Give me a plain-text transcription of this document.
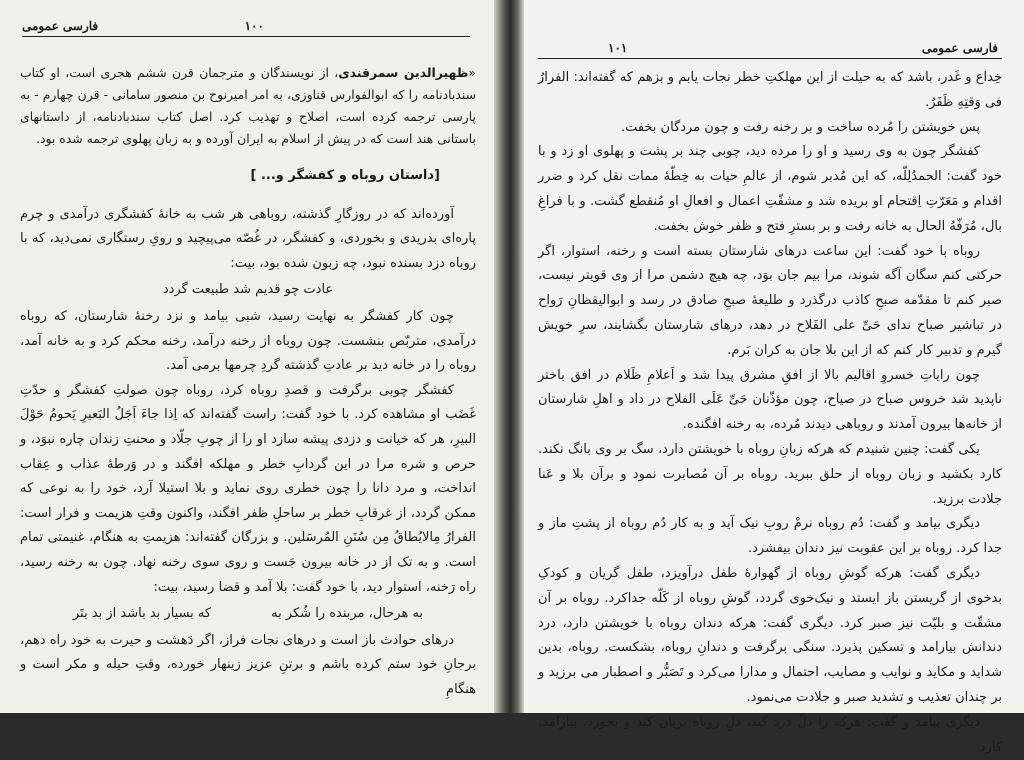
فارسی عمومی	۱۰۰

«ظهیرالدین سمرقندی، از نویسندگان و مترجمان قرن ششم هجری است، او کتاب سندبادنامه را که ابوالفوارس قناوزی، به امر امیرنوح بن منصور سامانی - قرن چهارم - به پارسی ترجمه کرده است، اصلاح و تهذیب کرد. اصل کتاب سندبادنامه، از داستانهای باستانی هند است که در پیش از اسلام به ایران آورده و به زبان پهلوی ترجمه شده بود.

[داستان روباه و کفشگر و... ]

آورده‌اند که در روزگارِ گذشته، روباهی هر شب به خانهٔ کفشگری درآمدی و چرم پاره‌ای بدریدی و بخوردی، و کفشگر، در غُصّه می‌پیچید و رویِ رستگاری نمی‌دید، که با روباه دزد بسنده نبود، چه زبون شده بود، بیت:

عادت چو قدیم شد طبیعت گردد

چون کار کفشگر به نهایت رسید، شبی بیامد و نزد رخنهٔ شارستان، که روباه درآمدی، متربّص بنشست. چون روباه از رخنه درآمد، رخنه محکم کرد و به خانه آمد، روباه را در خانه دید بر عادتِ گذشته گردِ چرمها برمی آمد.

کفشگر چوبی برگرفت و قصدِ روباه کرد، روباه چون صولتِ کفشگر و حدّتِ غَضَب او مشاهده کرد. با خود گفت: راست گفته‌اند که اِذا جاءَ اَجَلُ البَعیرِ یَحومُ حَوْلَ البیرِ، هر که خیانت و دزدی پیشه سازد او را از چوبِ جلّاد و محنتِ زندان چاره نبوَد، و حرص و شره مرا در این گردابِ خطر و مهلکه افگند و در وَرطهٔ عذاب و عِقاب انداخت، و مرد دانا را چون خطری روی نماید و بلا استیلا آرد، خود را به نوعی که ممکن گردد، از غرقابِ خطر بر ساحلِ ظفر افگند، واکنون وقتِ هزیمت و فرار است: الفرارُ مِالایُطاقُ مِن سُنَنِ المُرسَلین. و بزرگان گفته‌اند: هزیمتِ به هنگام، غنیمتی تمام است. و به تک از در خانه بیرون جَست و روی سوی رخنه نهاد. چون به رخنه رسید، راه رَخنه، استوار دید، با خود گفت: بلا آمد و قضا رسید، بیت:

به هرحال، مربنده را شُکر به
که بسیار بد باشد از بد بتَر

درهای حوادث باز است و درهای نجات فراز، اگر دَهشت و حیرت به خود راه دهم، برجانِ خود ستم کرده باشم و برتنِ عزیز زینهار خورده، وقتِ حیله و مکر است و هنگامِ

۱۰۱	فارسی عمومی

خِداع و غَدر، باشد که به حیلت از این مهلکتِ خطر نجات یابم و بزهم که گفته‌اند: الفرارُ فی وَقتِهِ ظَفَرٌ.

پس خویشتن را مُرده ساخت و بر رخنه رفت و چون مردگان بخفت.

کفشگر چون به وی رسید و او را مرده دید، چوبی چند بر پشت و پهلوی او زد و با خود گفت: الحمدُلِلّه، که این مُدبر شوم، از عالمِ حیات به خِطّهٔ ممات نقل کرد و ضرر اقدام و مَعَرّتِ اِقتحام او بریده شد و مشقّتِ اعمال و افعالِ او مُنقطع گشت. و با فراغِ بال، مُرَفّهُ الحال به خانه رفت و بر بسترِ فتح و ظفر خوش بخفت.

روباه با خود گفت: این ساعت درهای شارستان بسته است و رخنه، استوار، اگر حرکتی کنم سگان آگه شوند، مرا بیم جان بوَد، چه هیچ دشمن مرا از وی قویتر نیست، صبر کنم تا مقدّمه صبحِ کاذب درگذرد و طلیعهٔ صبحِ صادق در رسد و ابوالیقظانِ رَواح در تباشیر صباح ندای حَیِّ علی الفَلاح در دهد، درهای شارستان بگشایند، سرِ خویش گیرم و تدبیر کار کنم که از این بلا جان به کران بَرم.

چون رایاتِ خسروِ اقالیم بالا از افقِ مشرق پیدا شد و اَعلامِ ظَلام در افق باختر ناپدید شد خروس صباح در صیاح، چون مؤذّنان حَیِّ عَلَی الفلاح در داد و اهلِ شارستان از خانه‌ها بیرون آمدند و روباهی دیدند مُرده، به رخنه افگنده.

یکی گفت: چنین شنیدم که هرکه زبانِ روباه با خویشتن دارد، سگ بر وی بانگ نکند. کارد بکشید و زبان روباه از حلق ببرید. روباه بر آن مُصابرت نمود و برآن بلا و عَنا جلادت برزید.

دیگری بیامد و گفت: دُم روباه نرمْ روبِ نیک آید و به کار دُم روباه از پشتِ ماز و جدا کرد. روباه بر این عقوبت نیز دندان بیفشرد.

دیگری گفت: هرکه گوشِ روباه از گهوارهٔ طفل درآویزد، طفل گریان و کودکِ بدخوی از گریستن باز ایستد و نیک‌خوی گردد، گوشِ روباه از کَلّه جداکرد. روباه بر آن مشقّت و بلیّت نیز صبر کرد. دیگری گفت: هرکه دندان روباه با خویشتن دارد، درد دندانش بیارامد و تسکین پذیرد. سنگی برگرفت و دندانِ روباه، بشکست. روباه، بدین شداید و مکاید و نوایب و مصایب، احتمال و مدارا می‌کرد و تَصَبُّر و اصطبار می‌ برزید و بر چندان تعذیب و تشدید صبر و جلادت می‌نمود.

دیگری بیامد و گفت: هرکه را دلْ درد کند، دلِ روباه بریان کند و بخورد، بیارامَد. کارد
